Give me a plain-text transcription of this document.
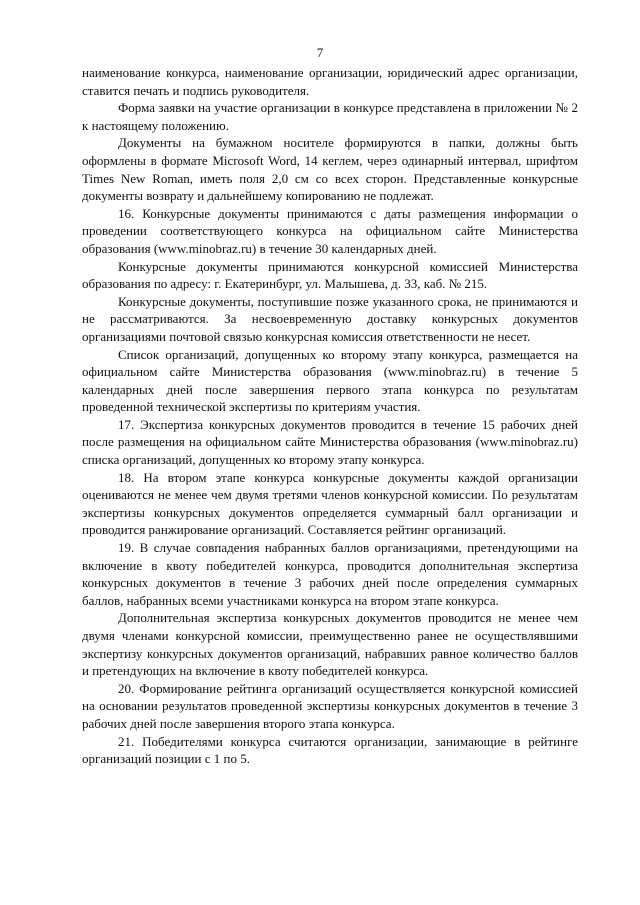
7

наименование конкурса, наименование организации, юридический адрес организации, ставится печать и подпись руководителя.

Форма заявки на участие организации в конкурсе представлена в приложении № 2 к настоящему положению.

Документы на бумажном носителе формируются в папки, должны быть оформлены в формате Microsoft Word, 14 кеглем, через одинарный интервал, шрифтом Times New Roman, иметь поля 2,0 см со всех сторон. Представленные конкурсные документы возврату и дальнейшему копированию не подлежат.

16. Конкурсные документы принимаются с даты размещения информации о проведении соответствующего конкурса на официальном сайте Министерства образования (www.minobraz.ru) в течение 30 календарных дней.

Конкурсные документы принимаются конкурсной комиссией Министерства образования по адресу: г. Екатеринбург, ул. Малышева, д. 33, каб. № 215.

Конкурсные документы, поступившие позже указанного срока, не принимаются и не рассматриваются. За несвоевременную доставку конкурсных документов организациями почтовой связью конкурсная комиссия ответственности не несет.

Список организаций, допущенных ко второму этапу конкурса, размещается на официальном сайте Министерства образования (www.minobraz.ru) в течение 5 календарных дней после завершения первого этапа конкурса по результатам проведенной технической экспертизы по критериям участия.

17. Экспертиза конкурсных документов проводится в течение 15 рабочих дней после размещения на официальном сайте Министерства образования (www.minobraz.ru) списка организаций, допущенных ко второму этапу конкурса.

18. На втором этапе конкурса конкурсные документы каждой организации оцениваются не менее чем двумя третями членов конкурсной комиссии. По результатам экспертизы конкурсных документов определяется суммарный балл организации и проводится ранжирование организаций. Составляется рейтинг организаций.

19. В случае совпадения набранных баллов организациями, претендующими на включение в квоту победителей конкурса, проводится дополнительная экспертиза конкурсных документов в течение 3 рабочих дней после определения суммарных баллов, набранных всеми участниками конкурса на втором этапе конкурса.

Дополнительная экспертиза конкурсных документов проводится не менее чем двумя членами конкурсной комиссии, преимущественно ранее не осуществлявшими экспертизу конкурсных документов организаций, набравших равное количество баллов и претендующих на включение в квоту победителей конкурса.

20. Формирование рейтинга организаций осуществляется конкурсной комиссией на основании результатов проведенной экспертизы конкурсных документов в течение 3 рабочих дней после завершения второго этапа конкурса.

21. Победителями конкурса считаются организации, занимающие в рейтинге организаций позиции с 1 по 5.
